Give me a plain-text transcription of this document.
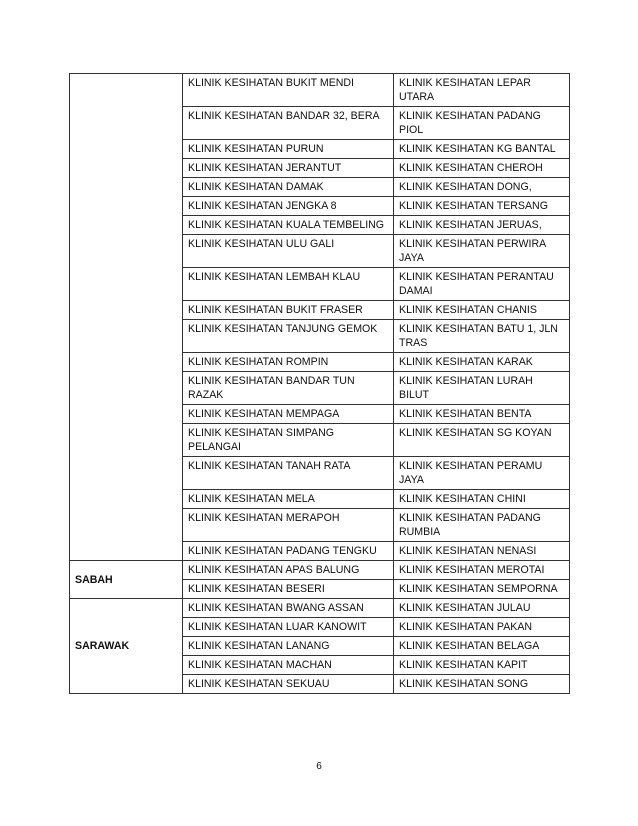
	KLINIK KESIHATAN BUKIT MENDI	KLINIK KESIHATAN LEPAR UTARA
	KLINIK KESIHATAN BANDAR 32, BERA	KLINIK KESIHATAN PADANG PIOL
	KLINIK KESIHATAN PURUN	KLINIK KESIHATAN KG BANTAL
	KLINIK KESIHATAN JERANTUT	KLINIK KESIHATAN CHEROH
	KLINIK KESIHATAN DAMAK	KLINIK KESIHATAN DONG,
	KLINIK KESIHATAN JENGKA 8	KLINIK KESIHATAN TERSANG
	KLINIK KESIHATAN KUALA TEMBELING	KLINIK KESIHATAN JERUAS,
	KLINIK KESIHATAN ULU GALI	KLINIK KESIHATAN PERWIRA JAYA
	KLINIK KESIHATAN LEMBAH KLAU	KLINIK KESIHATAN PERANTAU DAMAI
	KLINIK KESIHATAN BUKIT FRASER	KLINIK KESIHATAN CHANIS
	KLINIK KESIHATAN TANJUNG GEMOK	KLINIK KESIHATAN BATU 1, JLN TRAS
	KLINIK KESIHATAN ROMPIN	KLINIK KESIHATAN KARAK
	KLINIK KESIHATAN BANDAR TUN RAZAK	KLINIK KESIHATAN LURAH BILUT
	KLINIK KESIHATAN MEMPAGA	KLINIK KESIHATAN BENTA
	KLINIK KESIHATAN SIMPANG PELANGAI	KLINIK KESIHATAN SG KOYAN
	KLINIK KESIHATAN TANAH RATA	KLINIK KESIHATAN PERAMU JAYA
	KLINIK KESIHATAN MELA	KLINIK KESIHATAN CHINI
	KLINIK KESIHATAN MERAPOH	KLINIK KESIHATAN PADANG RUMBIA
	KLINIK KESIHATAN PADANG TENGKU	KLINIK KESIHATAN NENASI
SABAH	KLINIK KESIHATAN APAS BALUNG	KLINIK KESIHATAN MEROTAI
	KLINIK KESIHATAN BESERI	KLINIK KESIHATAN SEMPORNA
SARAWAK	KLINIK KESIHATAN BWANG ASSAN	KLINIK KESIHATAN JULAU
	KLINIK KESIHATAN LUAR KANOWIT	KLINIK KESIHATAN PAKAN
	KLINIK KESIHATAN LANANG	KLINIK KESIHATAN BELAGA
	KLINIK KESIHATAN MACHAN	KLINIK KESIHATAN KAPIT
	KLINIK KESIHATAN SEKUAU	KLINIK KESIHATAN SONG
6
